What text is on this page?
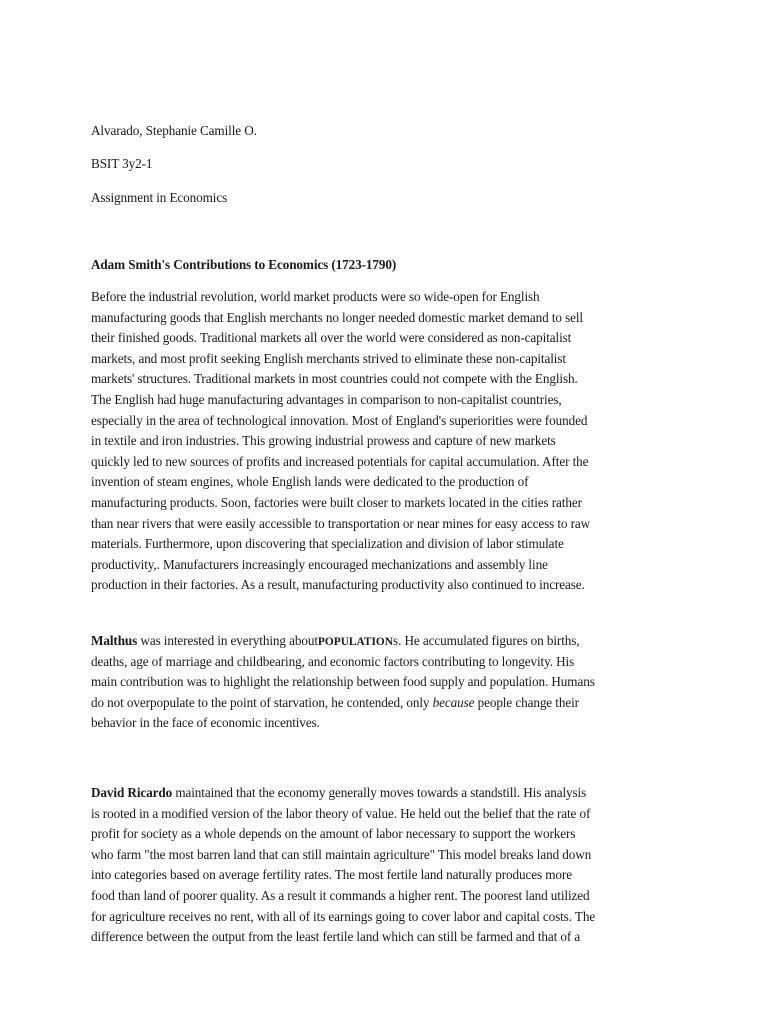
Alvarado, Stephanie Camille O.
BSIT 3y2-1
Assignment in Economics
Adam Smith's Contributions to Economics (1723-1790)
Before the industrial revolution, world market products were so wide-open for English
manufacturing goods that English merchants no longer needed domestic market demand to sell
their finished goods. Traditional markets all over the world were considered as non-capitalist
markets, and most profit seeking English merchants strived to eliminate these non-capitalist
markets' structures. Traditional markets in most countries could not compete with the English.
The English had huge manufacturing advantages in comparison to non-capitalist countries,
especially in the area of technological innovation. Most of England's superiorities were founded
in textile and iron industries. This growing industrial prowess and capture of new markets
quickly led to new sources of profits and increased potentials for capital accumulation. After the
invention of steam engines, whole English lands were dedicated to the production of
manufacturing products. Soon, factories were built closer to markets located in the cities rather
than near rivers that were easily accessible to transportation or near mines for easy access to raw
materials. Furthermore, upon discovering that specialization and division of labor stimulate
productivity,. Manufacturers increasingly encouraged mechanizations and assembly line
production in their factories. As a result, manufacturing productivity also continued to increase.
Malthus was interested in everything aboutPOPULATIONs. He accumulated figures on births,
deaths, age of marriage and childbearing, and economic factors contributing to longevity. His
main contribution was to highlight the relationship between food supply and population. Humans
do not overpopulate to the point of starvation, he contended, only because people change their
behavior in the face of economic incentives.
David Ricardo maintained that the economy generally moves towards a standstill. His analysis
is rooted in a modified version of the labor theory of value. He held out the belief that the rate of
profit for society as a whole depends on the amount of labor necessary to support the workers
who farm "the most barren land that can still maintain agriculture" This model breaks land down
into categories based on average fertility rates. The most fertile land naturally produces more
food than land of poorer quality. As a result it commands a higher rent. The poorest land utilized
for agriculture receives no rent, with all of its earnings going to cover labor and capital costs. The
difference between the output from the least fertile land which can still be farmed and that of a
